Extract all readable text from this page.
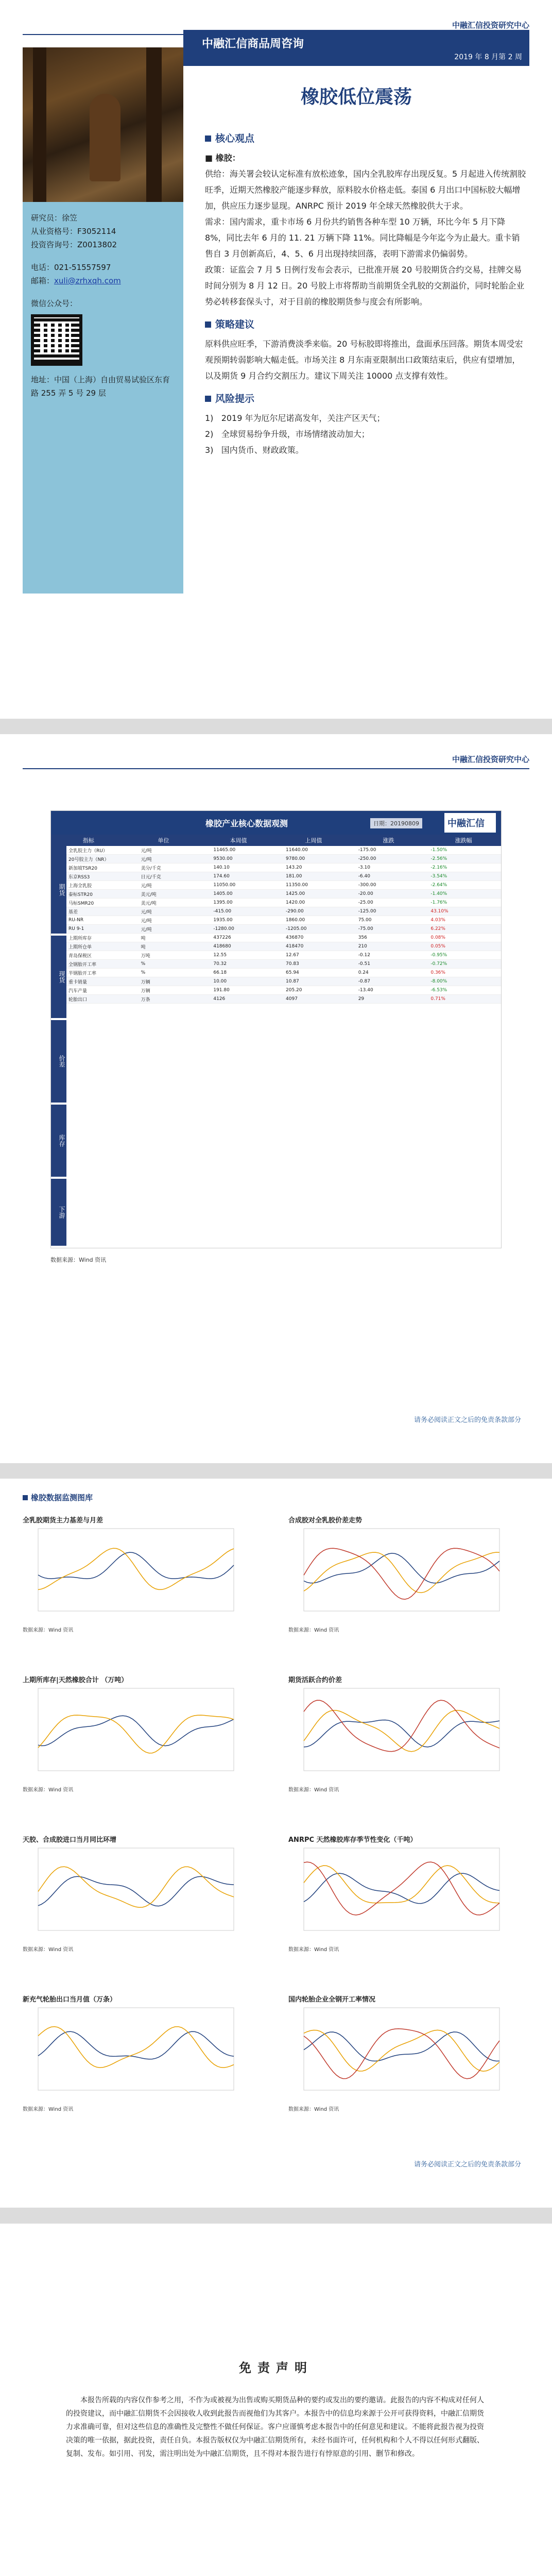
中融汇信投资研究中心
研究员：徐笠
从业资格号：F3052114
投资咨询号：Z0013802
电话：021-51557597
邮箱：xuli@zrhxqh.com
微信公众号：
地址：中国（上海）自由贸易试验区东育路 255 弄 5 号 29 层
中融汇信商品周咨询
2019 年 8 月第 2 周
橡胶低位震荡
核心观点
■ 橡胶：

供给：海关署会较认定标准有放松迹象，国内全乳胶库存出现反复。5 月起进入传统割胶旺季，近期天然橡胶产能逐步释放，原料胶水价格走低。泰国 6 月出口中国标胶大幅增加，供应压力逐步显现。ANRPC 预计 2019 年全球天然橡胶供大于求。

需求：国内需求，重卡市场 6 月份共约销售各种车型 10 万辆，环比今年 5 月下降 8%，同比去年 6 月的 11. 21 万辆下降 11%。同比降幅是今年迄今为止最大。重卡销售自 3 月创新高后，4、5、6 月出现持续回落，表明下游需求仍偏弱势。

政策：证监会 7 月 5 日例行发布会表示，已批准开展 20 号胶期货合约交易，挂牌交易时间分别为 8 月 12 日。20 号胶上市将帮助当前期货全乳胶的交割溢价，同时轮胎企业势必转移套保头寸，对于目前的橡胶期货参与度会有所影响。

策略建议

原料供应旺季，下游消费淡季来临。20 号标胶即将推出，盘面承压回落。期货本周受宏观预期转弱影响大幅走低。市场关注 8 月东南亚限制出口政策结束后，供应有望增加，以及期货 9 月合约交割压力。建议下周关注 10000 点支撑有效性。

风险提示
1) 2019 年为厄尔尼诺高发年，关注产区天气；
2) 全球贸易纷争升级，市场情绪波动加大；
3) 国内货币、财政政策。
中融汇信投资研究中心
橡胶产业核心数据观测	日期：20190809	中融汇信
指标	单位	本周值	上周值	涨跌	涨跌幅
期货
现货
价差
库存
下游
全乳胶主力（RU）	元/吨	11465.00	11640.00	-175.00	-1.50%
20号胶主力（NR）	元/吨	9530.00	9780.00	-250.00	-2.56%
新加坡TSR20	美分/千克	140.10	143.20	-3.10	-2.16%
东京RSS3	日元/千克	174.60	181.00	-6.40	-3.54%
上海全乳胶	元/吨	11050.00	11350.00	-300.00	-2.64%
泰标STR20	美元/吨	1405.00	1425.00	-20.00	-1.40%
马标SMR20	美元/吨	1395.00	1420.00	-25.00	-1.76%
基差	元/吨	-415.00	-290.00	-125.00	43.10%
RU-NR	元/吨	1935.00	1860.00	75.00	4.03%
RU 9-1	元/吨	-1280.00	-1205.00	-75.00	6.22%
上期所库存	吨	437226	436870	356	0.08%
上期所仓单	吨	418680	418470	210	0.05%
青岛保税区	万吨	12.55	12.67	-0.12	-0.95%
全钢胎开工率	%	70.32	70.83	-0.51	-0.72%
半钢胎开工率	%	66.18	65.94	0.24	0.36%
重卡销量	万辆	10.00	10.87	-0.87	-8.00%
汽车产量	万辆	191.80	205.20	-13.40	-6.53%
轮胎出口	万条	4126	4097	29	0.71%
数据来源：Wind 资讯
请务必阅读正文之后的免责条款部分
橡胶数据监测图库
全乳胶期货主力基差与月差
数据来源：Wind 资讯
合成胶对全乳胶价差走势
数据来源：Wind 资讯
上期所库存|天然橡胶合计 （万吨）
数据来源：Wind 资讯
期货活跃合约价差
数据来源：Wind 资讯
天胶、合成胶进口当月同比环增
数据来源：Wind 资讯
ANRPC 天然橡胶库存季节性变化（千吨）
数据来源：Wind 资讯
新充气轮胎出口当月值（万条）
数据来源：Wind 资讯
国内轮胎企业全钢开工率情况
数据来源：Wind 资讯
请务必阅读正文之后的免责条款部分
免责声明
本报告所载的内容仅作参考之用，不作为或被视为出售或购买期货品种的要约或发出的要约邀请。此报告的内容不构成对任何人的投资建议，而中融汇信期货不会因接收人收到此报告而视他们为其客户。本报告中的信息均来源于公开可获得资料，中融汇信期货力求准确可靠，但对这些信息的准确性及完整性不做任何保证。客户应谨慎考虑本报告中的任何意见和建议。不能将此报告视为投资决策的唯一依据，据此投资，责任自负。本报告版权仅为中融汇信期货所有，未经书面许可，任何机构和个人不得以任何形式翻版、复制、发布。如引用、刊发，需注明出处为中融汇信期货，且不得对本报告进行有悖原意的引用、删节和修改。
